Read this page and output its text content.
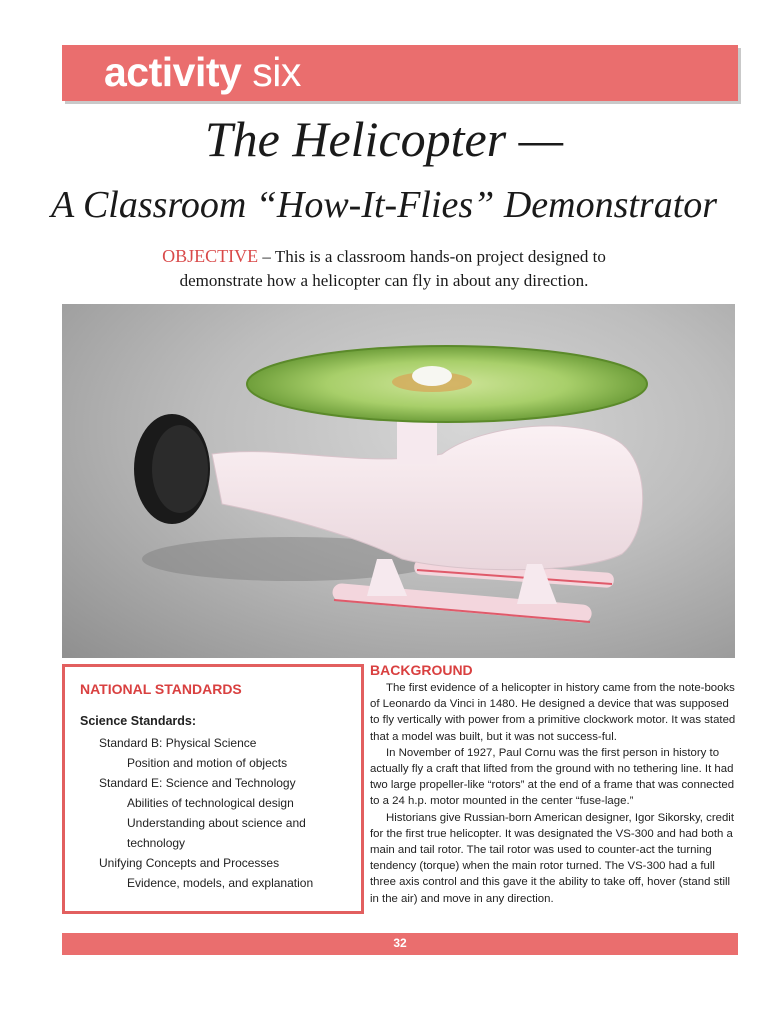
activity six
The Helicopter —
A Classroom “How-It-Flies” Demonstrator
OBJECTIVE – This is a classroom hands-on project designed to
demonstrate how a helicopter can fly in about any direction.
NATIONAL STANDARDS
Science Standards:
Standard B: Physical Science
Position and motion of objects
Standard E: Science and Technology
Abilities of technological design
Understanding about science and
technology
Unifying Concepts and Processes
Evidence, models, and explanation
BACKGROUND

The first evidence of a helicopter in history came from the note-books of Leonardo da Vinci in 1480. He designed a device that was supposed to fly vertically with power from a primitive clockwork motor. It was stated that a model was built, but it was not success-ful.

In November of 1927, Paul Cornu was the first person in history to actually fly a craft that lifted from the ground with no tethering line. It had two large propeller-like “rotors” at the end of a frame that was connected to a 24 h.p. motor mounted in the center “fuse-lage.”

Historians give Russian-born American designer, Igor Sikorsky, credit for the first true helicopter. It was designated the VS-300 and had both a main and tail rotor. The tail rotor was used to counter-act the turning tendency (torque) when the main rotor turned. The VS-300 had a full three axis control and this gave it the ability to take off, hover (stand still in the air) and move in any direction.

32
